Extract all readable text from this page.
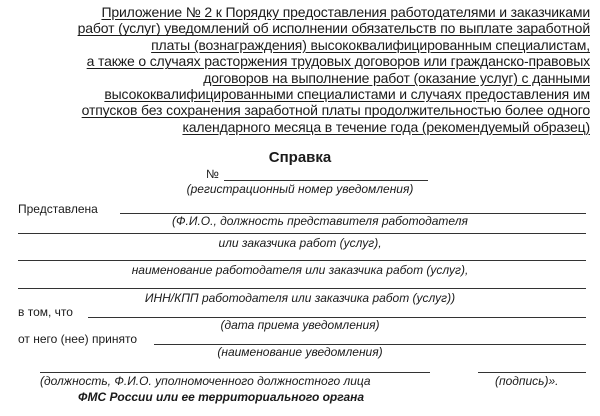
Приложение № 2 к Порядку предоставления работодателями и заказчиками
работ (услуг) уведомлений об исполнении обязательств по выплате заработной
платы (вознаграждения) высококвалифицированным специалистам,
а также о случаях расторжения трудовых договоров или гражданско-правовых
договоров на выполнение работ (оказание услуг) с данными
высококвалифицированными специалистами и случаях предоставления им
отпусков без сохранения заработной платы продолжительностью более одного
календарного месяца в течение года (рекомендуемый образец)
Справка
№
(регистрационный номер уведомления)
Представлена
(Ф.И.О., должность представителя работодателя
или заказчика работ (услуг),
наименование работодателя или заказчика работ (услуг),
ИНН/КПП работодателя или заказчика работ (услуг))
в том, что
(дата приема уведомления)
от него (нее) принято
(наименование уведомления)
(должность, Ф.И.О. уполномоченного должностного лица	(подпись)».
ФМС России или ее территориального органа
